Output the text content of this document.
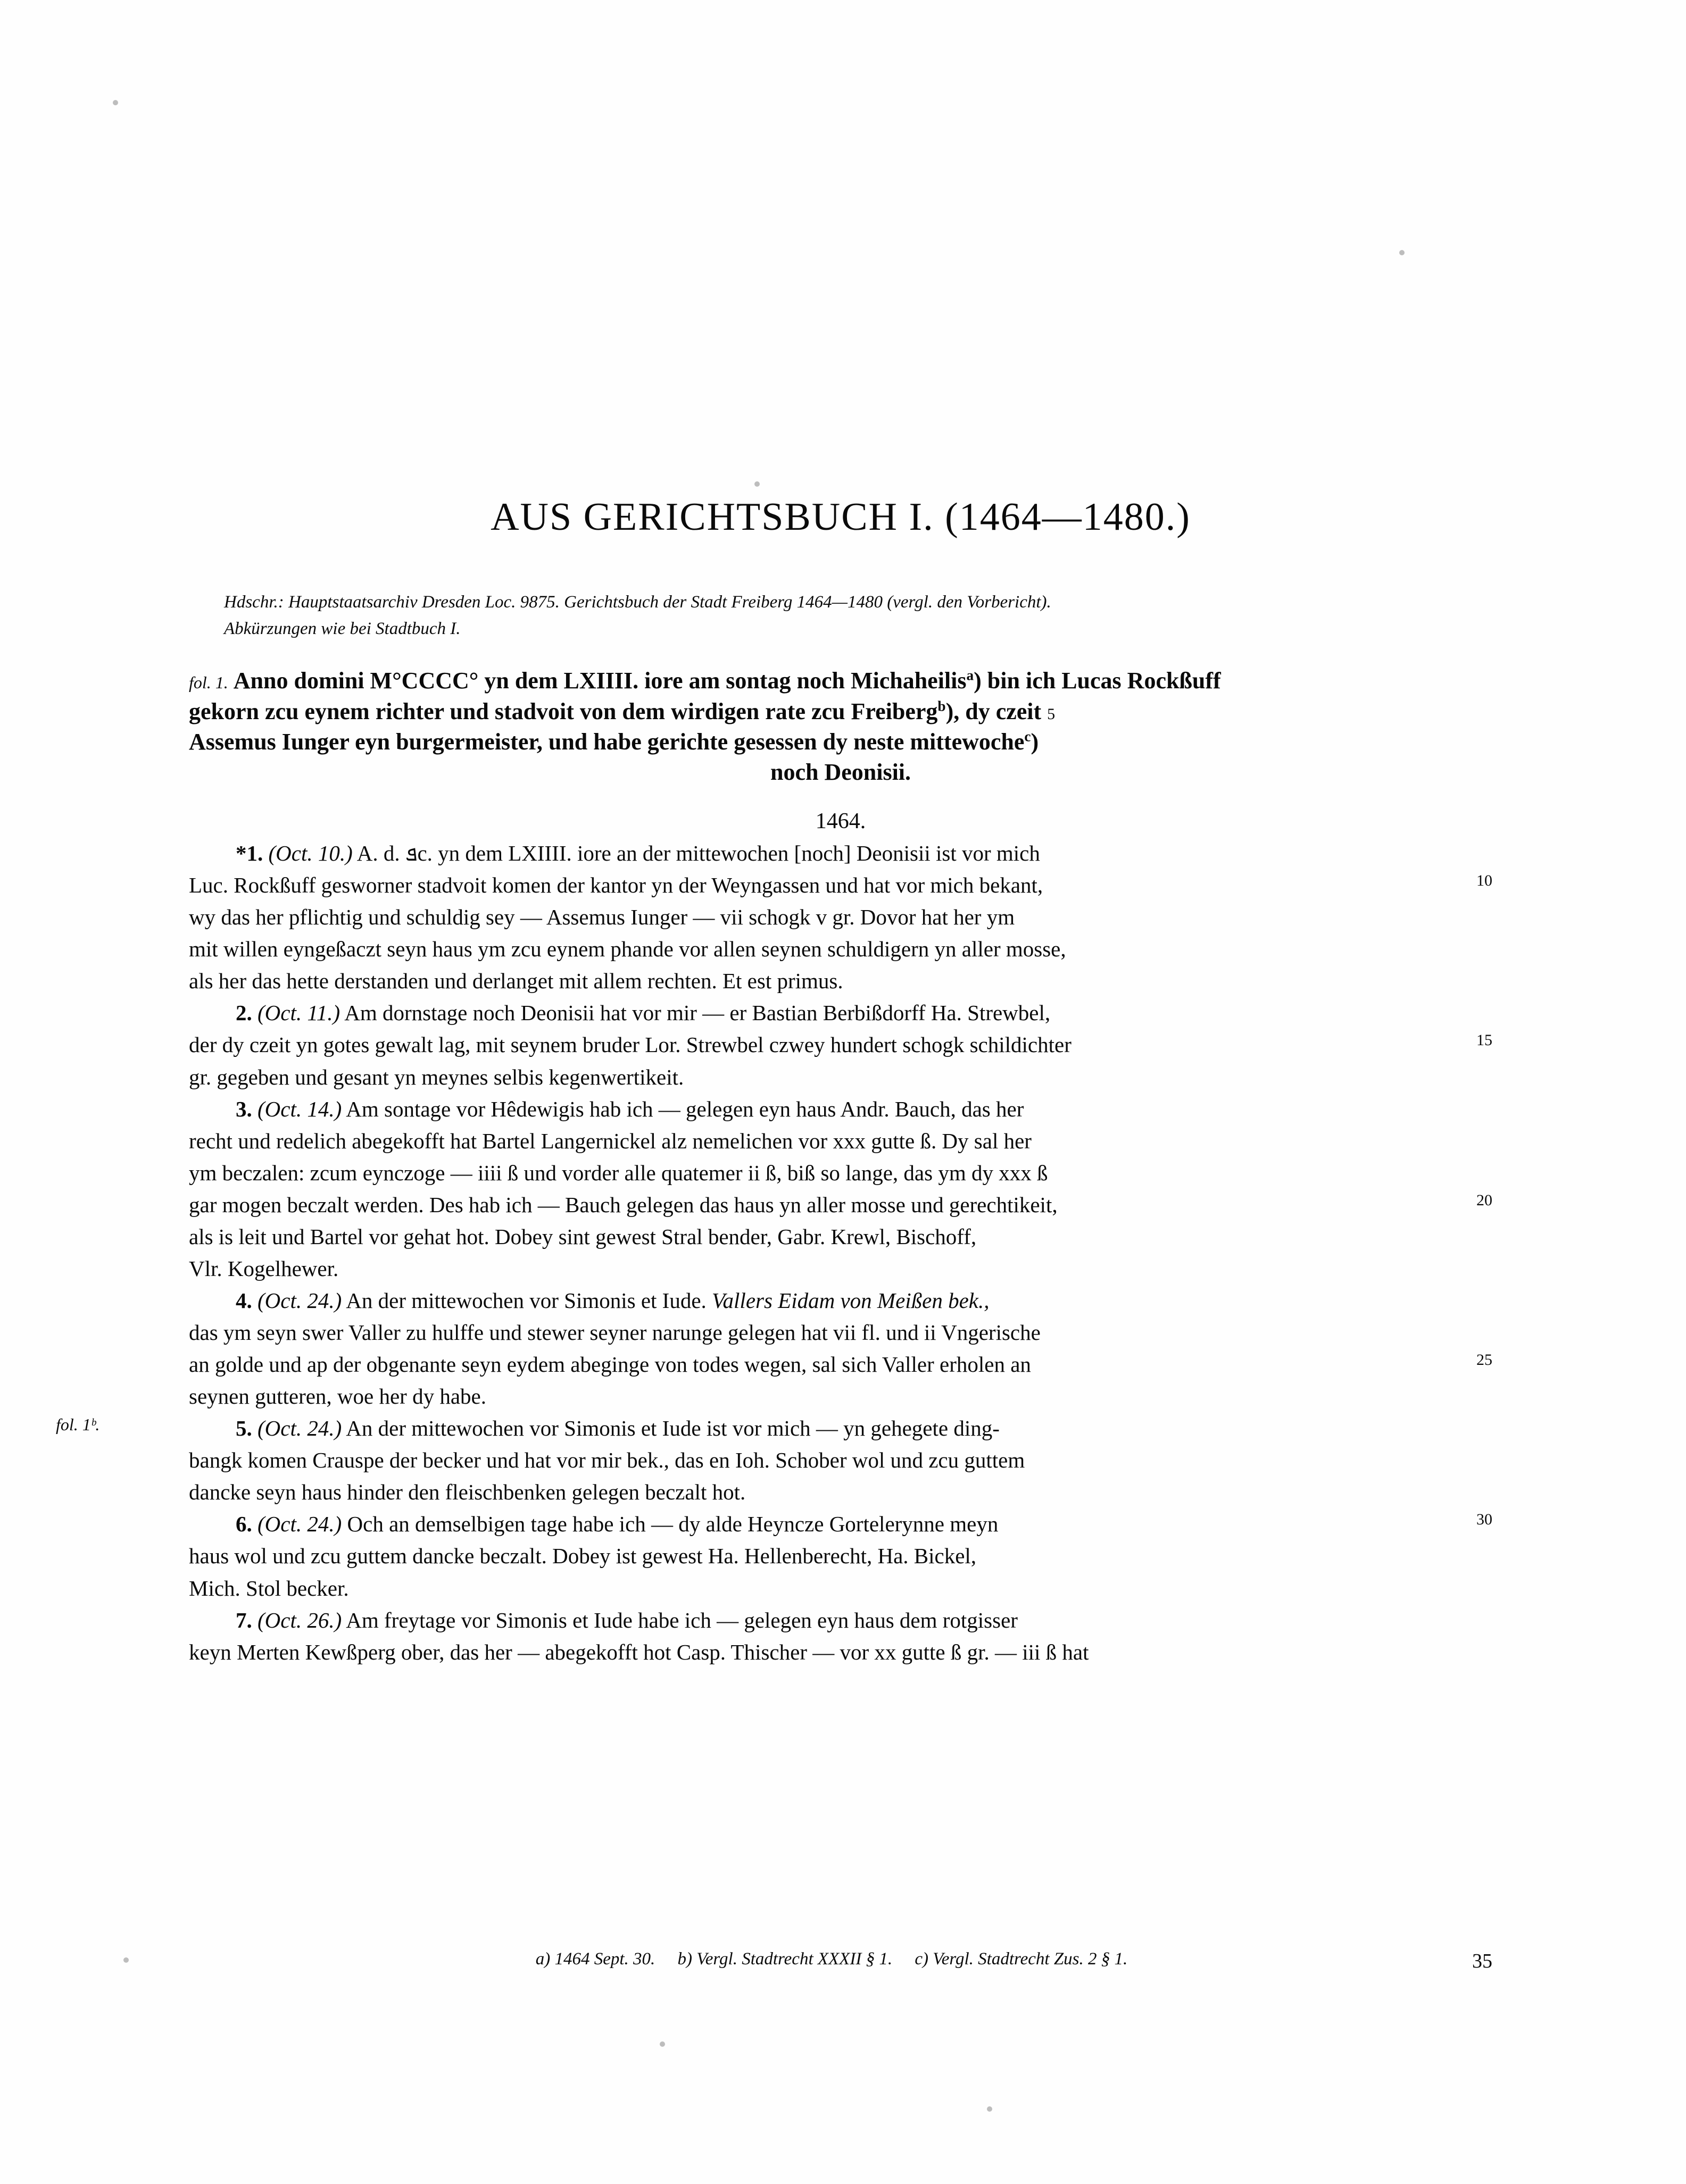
AUS GERICHTSBUCH I. (1464—1480.)
Hdschr.: Hauptstaatsarchiv Dresden Loc. 9875. Gerichtsbuch der Stadt Freiberg 1464—1480 (vergl. den Vorbericht).
Abkürzungen wie bei Stadtbuch I.
fol. 1. Anno domini M°CCCC° yn dem LXIIII. iore am sontag noch Michaheilis$^a$) bin ich Lucas Rockßuff
gekorn zcu eynem richter und stadvoit von dem wirdigen rate zcu Freiberg$^b$), dy czeit 5
Assemus Iunger eyn burgermeister, und habe gerichte gesessen dy neste mittewoche$^c$)
noch Deonisii.
1464.
*1. (Oct. 10.) A. d. ܦc. yn dem LXIIII. iore an der mittewochen [noch] Deonisii ist vor mich
Luc. Rockßuff gesworner stadvoit komen der kantor yn der Weyngassen und hat vor mich bekant,	10
wy das her pflichtig und schuldig sey — Assemus Iunger — vii schogk v gr. Dovor hat her ym
mit willen eyngeßaczt seyn haus ym zcu eynem phande vor allen seynen schuldigern yn aller mosse,
als her das hette derstanden und derlanget mit allem rechten. Et est primus.
2. (Oct. 11.) Am dornstage noch Deonisii hat vor mir — er Bastian Berbißdorff Ha. Strewbel,
der dy czeit yn gotes gewalt lag, mit seynem bruder Lor. Strewbel czwey hundert schogk schildichter	15
gr. gegeben und gesant yn meynes selbis kegenwertikeit.
3. (Oct. 14.) Am sontage vor Hêdewigis hab ich — gelegen eyn haus Andr. Bauch, das her
recht und redelich abegekofft hat Bartel Langernickel alz nemelichen vor xxx gutte ß. Dy sal her
ym beczalen: zcum eynczoge — iiii ß und vorder alle quatemer ii ß, biß so lange, das ym dy xxx ß
gar mogen beczalt werden. Des hab ich — Bauch gelegen das haus yn aller mosse und gerechtikeit,	20
als is leit und Bartel vor gehat hot. Dobey sint gewest Stral bender, Gabr. Krewl, Bischoff,
Vlr. Kogelhewer.
4. (Oct. 24.) An der mittewochen vor Simonis et Iude. Vallers Eidam von Meißen bek.,
das ym seyn swer Valler zu hulffe und stewer seyner narunge gelegen hat vii fl. und ii Vngerische
an golde und ap der obgenante seyn eydem abeginge von todes wegen, sal sich Valler erholen an	25
seynen gutteren, woe her dy habe.
fol. 1ᵇ.	5. (Oct. 24.) An der mittewochen vor Simonis et Iude ist vor mich — yn gehegete ding-
bangk komen Crauspe der becker und hat vor mir bek., das en Ioh. Schober wol und zcu guttem
dancke seyn haus hinder den fleischbenken gelegen beczalt hot.
6. (Oct. 24.) Och an demselbigen tage habe ich — dy alde Heyncze Gortelerynne meyn	30
haus wol und zcu guttem dancke beczalt. Dobey ist gewest Ha. Hellenberecht, Ha. Bickel,
Mich. Stol becker.
7. (Oct. 26.) Am freytage vor Simonis et Iude habe ich — gelegen eyn haus dem rotgisser
keyn Merten Kewßperg ober, das her — abegekofft hot Casp. Thischer — vor xx gutte ß gr. — iii ß hat
a) 1464 Sept. 30. b) Vergl. Stadtrecht XXXII § 1. c) Vergl. Stadtrecht Zus. 2 § 1.	35
